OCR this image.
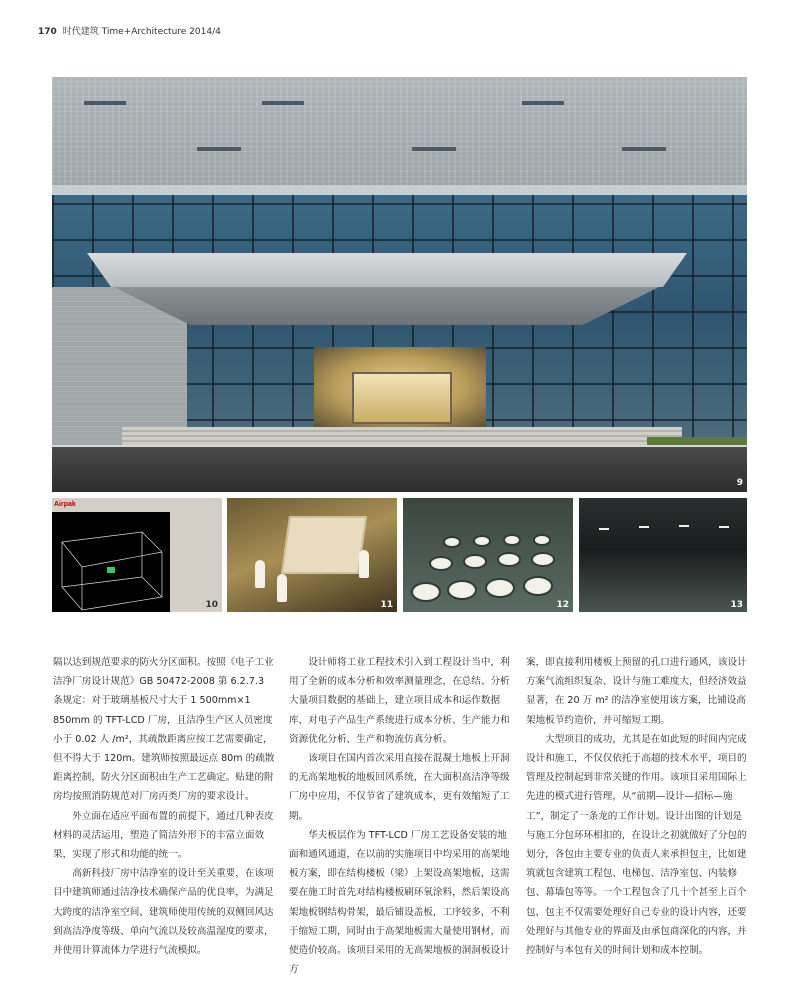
170 时代建筑 Time+Architecture 2014/4
9
Airpak
10	11	12	13

隔以达到规范要求的防火分区面积。按照《电子工业洁净厂房设计规范》GB 50472-2008 第 6.2.7.3 条规定：对于玻璃基板尺寸大于 1 500mm×1 850mm 的 TFT-LCD 厂房，且洁净生产区人员密度小于 0.02 人 /m²，其疏散距离应按工艺需要确定，但不得大于 120m。建筑师按照最远点 80m 的疏散距离控制，防火分区面积由生产工艺确定。贴建的附房均按照消防规范对厂房丙类厂房的要求设计。

外立面在适应平面布置的前提下，通过几种表皮材料的灵活运用，塑造了简洁外形下的丰富立面效果，实现了形式和功能的统一。

高新科技厂房中洁净室的设计至关重要，在该项目中建筑师通过洁净技术确保产品的优良率，为满足大跨度的洁净室空间，建筑师使用传统的双侧回风达到高洁净度等级、单向气流以及较高温湿度的要求，并使用计算流体力学进行气流模拟。

设计师将工业工程技术引入到工程设计当中，利用了全新的成本分析和效率测量理念，在总结、分析大量项目数据的基础上，建立项目成本和运作数据库，对电子产品生产系统进行成本分析、生产能力和资源优化分析、生产和物流仿真分析。

该项目在国内首次采用直接在混凝土地板上开洞的无高架地板的地板回风系统，在大面积高洁净等级厂房中应用，不仅节省了建筑成本，更有效缩短了工期。

华夫板层作为 TFT-LCD 厂房工艺设备安装的地面和通风通道，在以前的实施项目中均采用的高架地板方案，即在结构楼板（梁）上架设高架地板，这需要在施工时首先对结构楼板刷环氧涂料，然后架设高架地板钢结构骨架，最后铺设盖板，工序较多，不利于缩短工期，同时由于高架地板需大量使用钢材，而使造价较高。该项目采用的无高架地板的洞洞板设计方

案，即直接利用楼板上预留的孔口进行通风，该设计方案气流组织复杂、设计与施工难度大，但经济效益显著，在 20 万 m² 的洁净室使用该方案，比铺设高架地板节约造价，并可缩短工期。

大型项目的成功，尤其是在如此短的时间内完成设计和施工，不仅仅依托于高超的技术水平，项目的管理及控制起到非常关键的作用。该项目采用国际上先进的模式进行管理，从“前期—设计—招标—施工”，制定了一条龙的工作计划。设计出图的计划是与施工分包环环相扣的，在设计之初就做好了分包的划分，各包由主要专业的负责人来承担包主，比如建筑就包含建筑工程包、电梯包、洁净室包、内装修包、幕墙包等等。一个工程包含了几十个甚至上百个包，包主不仅需要处理好自己专业的设计内容，还要处理好与其他专业的界面及由承包商深化的内容，并控制好与本包有关的时间计划和成本控制。
